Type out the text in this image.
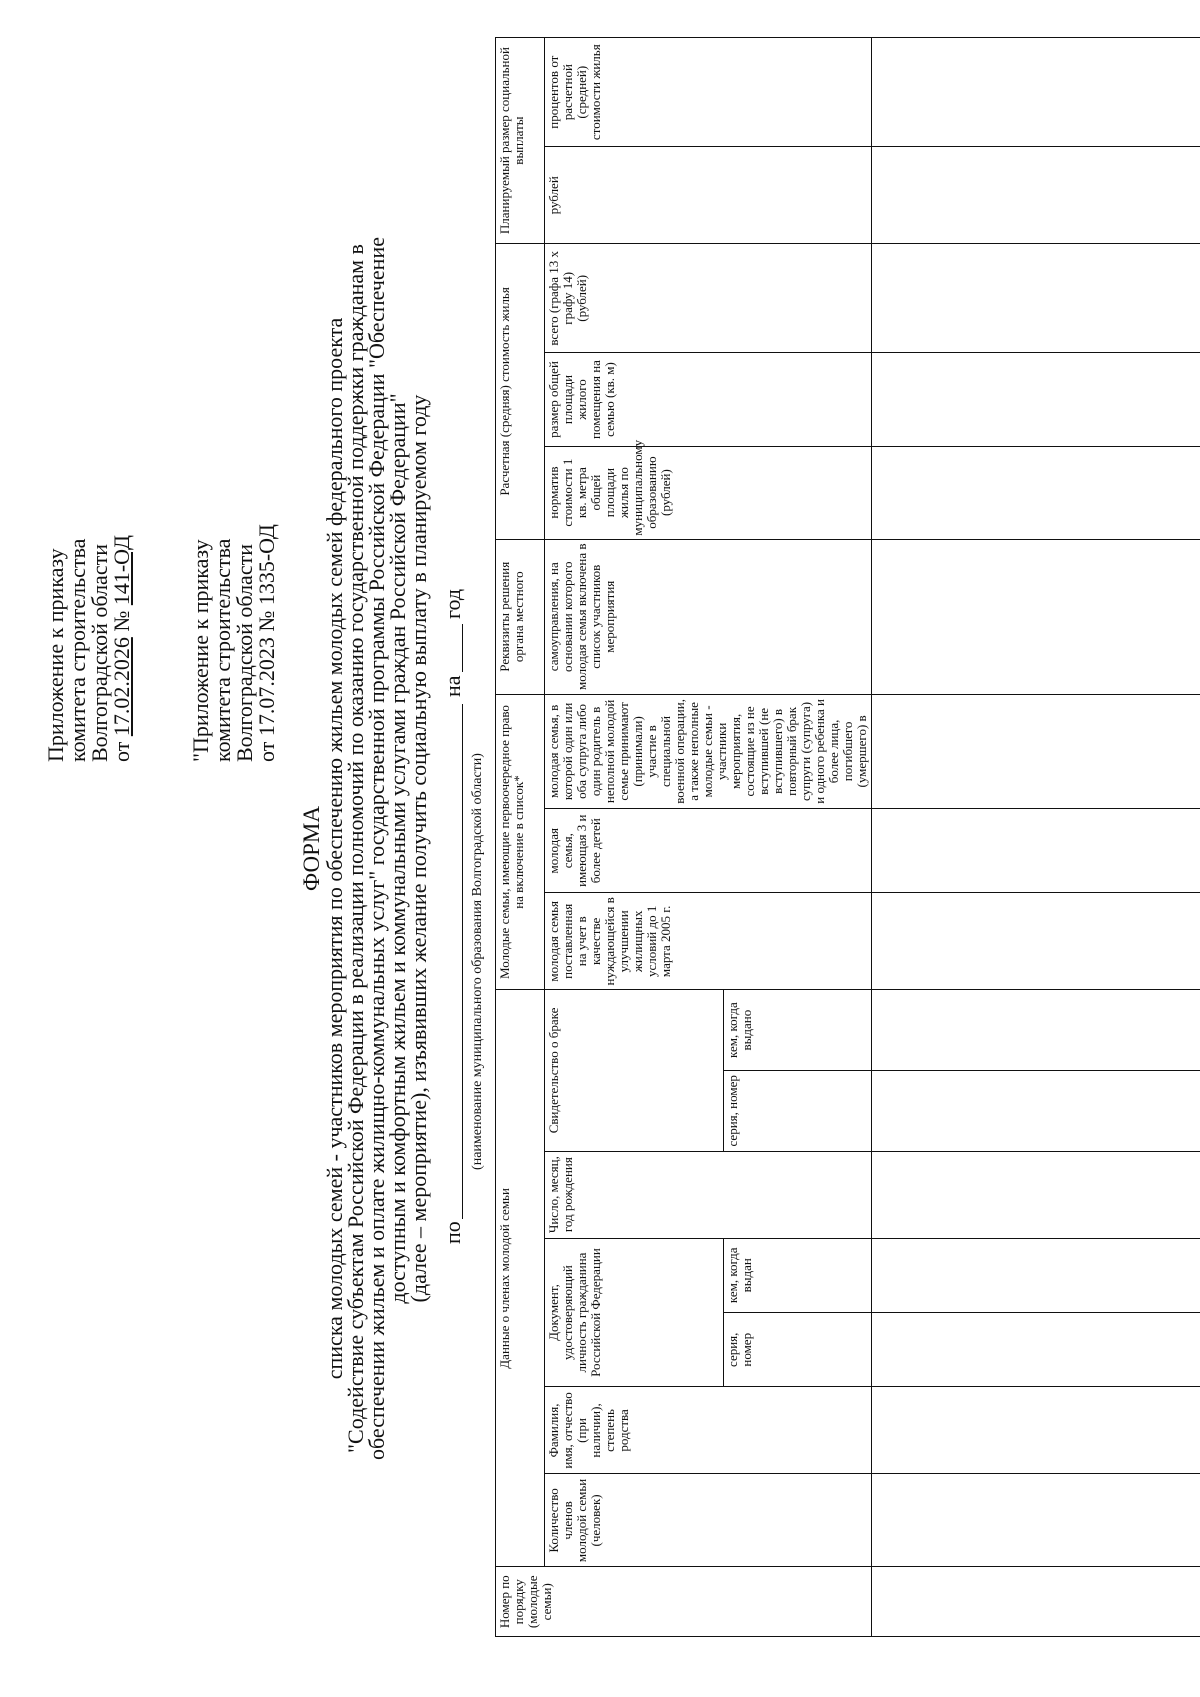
Приложение к приказу
комитета строительства
Волгоградской области
от 17.02.2026 № 141-ОД "Приложение к приказу
комитета строительства
Волгоградской области
от 17.07.2023 № 1335-ОД
ФОРМА
списка молодых семей - участников мероприятия по обеспечению жильем молодых семей федерального проекта
"Содействие субъектам Российской Федерации в реализации полномочий по оказанию государственной поддержки гражданам в
обеспечении жильем и оплате жилищно-коммунальных услуг" государственной программы Российской Федерации "Обеспечение
доступным и комфортным жильем и коммунальными услугами граждан Российской Федерации"
(далее – мероприятие), изъявивших желание получить социальную выплату в планируемом году по
на
год
(наименование муниципального образования Волгоградской области)
Номер по порядку (молодые семьи)	Данные о членах молодой семьи							Молодые семьи, имеющие первоочередное право на включение в список*			Реквизиты решения органа местного	Расчетная (средняя) стоимость жилья			Планируемый размер социальной выплаты	
	Количество членов молодой семьи (человек)	Фамилия, имя, отчество (при наличии), степень родства	Документ, удостоверяющий личность гражданина Российской Федерации		Число, месяц, год рождения	Свидетельство о браке		молодая семья поставленная на учет в качестве нуждающейся в улучшении жилищных условий до 1 марта 2005 г.	молодая семья, имеющая 3 и более детей	молодая семья, в которой один или оба супруга либо один родитель в неполной молодой семье принимают (принимали) участие в специальной военной операции, а также неполные молодые семьи - участники мероприятия, состоящие из не вступившей (не вступившего) в повторный брак супруги (супруга) и одного ребенка и более лица, погибшего (умершего) в	самоуправления, на основании которого молодая семья включена в список участников мероприятия	норматив стоимости 1 кв. метра общей площади жилья по муниципальному образованию (рублей)	размер общей площади жилого помещения на семью (кв. м)	всего (графа 13 x графу 14) (рублей)	рублей	процентов от расчетной (средней) стоимости жилья
			серия, номер	кем, когда выдан		серия, номер	кем, когда выдано									
